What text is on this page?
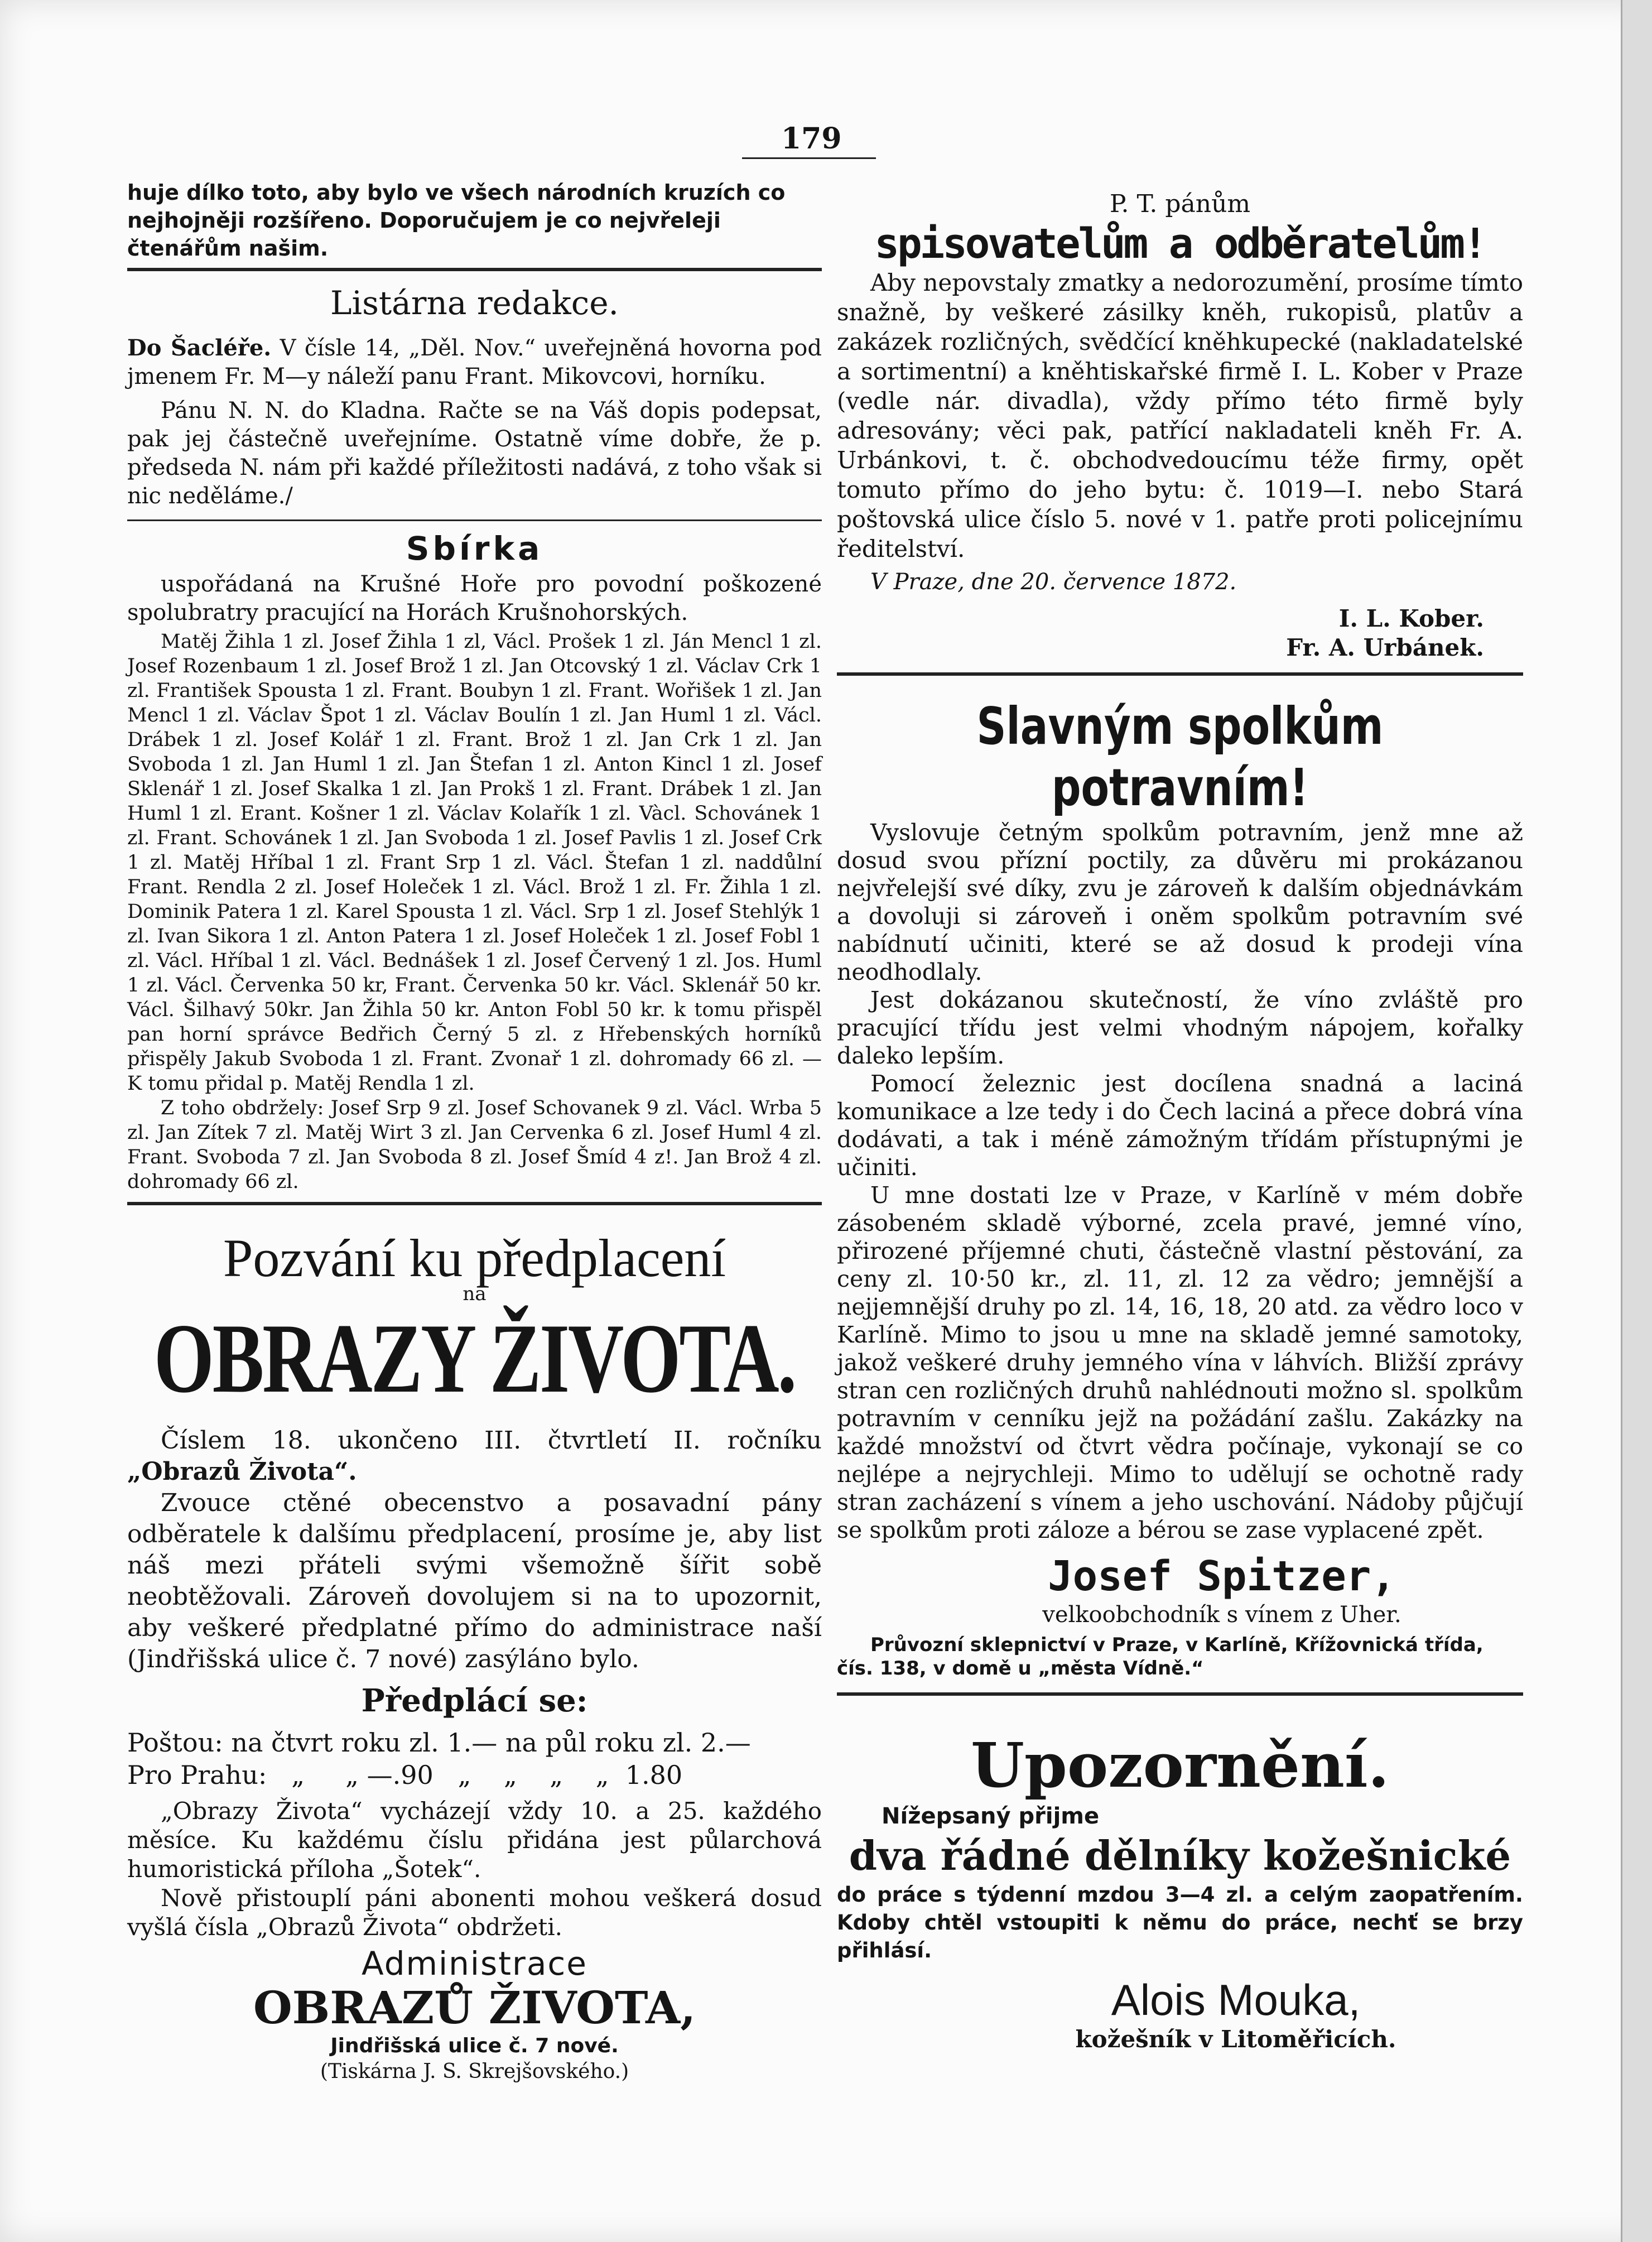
179

huje dílko toto, aby bylo ve všech národních kruzích co nejhojněji rozšířeno. Doporučujem je co nejvřeleji čtenářům našim.

Listárna redakce.

Do Šacléře. V čísle 14, „Děl. Nov.“ uveřejněná hovorna pod jmenem Fr. M—y náleží panu Frant. Mikovcovi, horníku.

Pánu N. N. do Kladna. Račte se na Váš dopis podepsat, pak jej částečně uveřejníme. Ostatně víme dobře, že p. předseda N. nám při každé příležitosti nadává, z toho však si nic neděláme./

Sbírka

uspořádaná na Krušné Hoře pro povodní poškozené spolubratry pracující na Horách Krušnohorských.

Matěj Žihla 1 zl. Josef Žihla 1 zl, Václ. Prošek 1 zl. Ján Mencl 1 zl. Josef Rozenbaum 1 zl. Josef Brož 1 zl. Jan Otcovský 1 zl. Václav Crk 1 zl. František Spousta 1 zl. Frant. Boubyn 1 zl. Frant. Wořišek 1 zl. Jan Mencl 1 zl. Václav Špot 1 zl. Václav Boulín 1 zl. Jan Huml 1 zl. Václ. Drábek 1 zl. Josef Kolář 1 zl. Frant. Brož 1 zl. Jan Crk 1 zl. Jan Svoboda 1 zl. Jan Huml 1 zl. Jan Štefan 1 zl. Anton Kincl 1 zl. Josef Sklenář 1 zl. Josef Skalka 1 zl. Jan Prokš 1 zl. Frant. Drábek 1 zl. Jan Huml 1 zl. Erant. Košner 1 zl. Václav Kolařík 1 zl. Vàcl. Schovánek 1 zl. Frant. Schovánek 1 zl. Jan Svoboda 1 zl. Josef Pavlis 1 zl. Josef Crk 1 zl. Matěj Hříbal 1 zl. Frant Srp 1 zl. Václ. Štefan 1 zl. naddůlní Frant. Rendla 2 zl. Josef Holeček 1 zl. Václ. Brož 1 zl. Fr. Žihla 1 zl. Dominik Patera 1 zl. Karel Spousta 1 zl. Václ. Srp 1 zl. Josef Stehlýk 1 zl. Ivan Sikora 1 zl. Anton Patera 1 zl. Josef Holeček 1 zl. Josef Fobl 1 zl. Václ. Hříbal 1 zl. Václ. Bednášek 1 zl. Josef Červený 1 zl. Jos. Huml 1 zl. Václ. Červenka 50 kr, Frant. Červenka 50 kr. Václ. Sklenář 50 kr. Václ. Šilhavý 50kr. Jan Žihla 50 kr. Anton Fobl 50 kr. k tomu přispěl pan horní správce Bedřich Černý 5 zl. z Hřebenských horníků přispěly Jakub Svoboda 1 zl. Frant. Zvonař 1 zl. dohromady 66 zl. — K tomu přidal p. Matěj Rendla 1 zl.

Z toho obdržely: Josef Srp 9 zl. Josef Schovanek 9 zl. Václ. Wrba 5 zl. Jan Zítek 7 zl. Matěj Wirt 3 zl. Jan Cervenka 6 zl. Josef Huml 4 zl. Frant. Svoboda 7 zl. Jan Svoboda 8 zl. Josef Šmíd 4 z!. Jan Brož 4 zl. dohromady 66 zl.

Pozvání ku předplacení
na
OBRAZY ŽIVOTA.

Číslem 18. ukončeno III. čtvrtletí II. ročníku „Obrazů Života“.

Zvouce ctěné obecenstvo a posavadní pány odběratele k dalšímu předplacení, prosíme je, aby list náš mezi přáteli svými všemožně šířit sobě neobtěžovali. Zároveň dovolujem si na to upozornit, aby veškeré předplatné přímo do administrace naší (Jindřišská ulice č. 7 nové) zasýláno bylo.

Předplácí se:
Poštou: na čtvrt roku zl. 1.— na půl roku zl. 2.—
Pro Prahu:   „     „ —.90   „    „    „    „  1.80

„Obrazy Života“ vycházejí vždy 10. a 25. každého měsíce. Ku každému číslu přidána jest půlarchová humoristická příloha „Šotek“.

Nově přistouplí páni abonenti mohou veškerá dosud vyšlá čísla „Obrazů Života“ obdržeti.

Administrace
OBRAZŮ ŽIVOTA,
Jindřišská ulice č. 7 nové.
(Tiskárna J. S. Skrejšovského.)
P. T. pánům
spisovatelům a odběratelům!

Aby nepovstaly zmatky a nedorozumění, prosíme tímto snažně, by veškeré zásilky kněh, rukopisů, platův a zakázek rozličných, svědčící kněhkupecké (nakladatelské a sortimentní) a kněhtiskařské firmě I. L. Kober v Praze (vedle nár. divadla), vždy přímo této firmě byly adresovány; věci pak, patřící nakladateli kněh Fr. A. Urbánkovi, t. č. obchodvedoucímu téže firmy, opět tomuto přímo do jeho bytu: č. 1019—I. nebo Stará poštovská ulice číslo 5. nové v 1. patře proti policejnímu ředitelství.

V Praze, dne 20. července 1872.

I. L. Kober.
Fr. A. Urbánek.
Slavným spolkům potravním!

Vyslovuje četným spolkům potravním, jenž mne až dosud svou přízní poctily, za důvěru mi prokázanou nejvřelejší své díky, zvu je zároveň k dalším objednávkám a dovoluji si zároveň i oněm spolkům potravním své nabídnutí učiniti, které se až dosud k prodeji vína neodhodlaly.

Jest dokázanou skutečností, že víno zvláště pro pracující třídu jest velmi vhodným nápojem, kořalky daleko lepším.

Pomocí železnic jest docílena snadná a laciná komunikace a lze tedy i do Čech laciná a přece dobrá vína dodávati, a tak i méně zámožným třídám přístupnými je učiniti.

U mne dostati lze v Praze, v Karlíně v mém dobře zásobeném skladě výborné, zcela pravé, jemné víno, přirozené příjemné chuti, částečně vlastní pěstování, za ceny zl. 10·50 kr., zl. 11, zl. 12 za vědro; jemnější a nejjemnější druhy po zl. 14, 16, 18, 20 atd. za vědro loco v Karlíně. Mimo to jsou u mne na skladě jemné samotoky, jakož veškeré druhy jemného vína v láhvích. Bližší zprávy stran cen rozličných druhů nahlédnouti možno sl. spolkům potravním v cenníku jejž na požádání zašlu. Zakázky na každé množství od čtvrt vědra počínaje, vykonají se co nejlépe a nejrychleji. Mimo to udělují se ochotně rady stran zacházení s vínem a jeho uschování. Nádoby půjčují se spolkům proti záloze a bérou se zase vyplacené zpět.

Josef Spitzer,
velkoobchodník s vínem z Uher.

Průvozní sklepnictví v Praze, v Karlíně, Křížovnická třída, čís. 138, v domě u „města Vídně.“

Upozornění.
Nížepsaný přijme
dva řádné dělníky kožešnické

do práce s týdenní mzdou 3—4 zl. a celým zaopatřením. Kdoby chtěl vstoupiti k němu do práce, nechť se brzy přihlásí.

Alois Mouka,
kožešník v Litoměřicích.
